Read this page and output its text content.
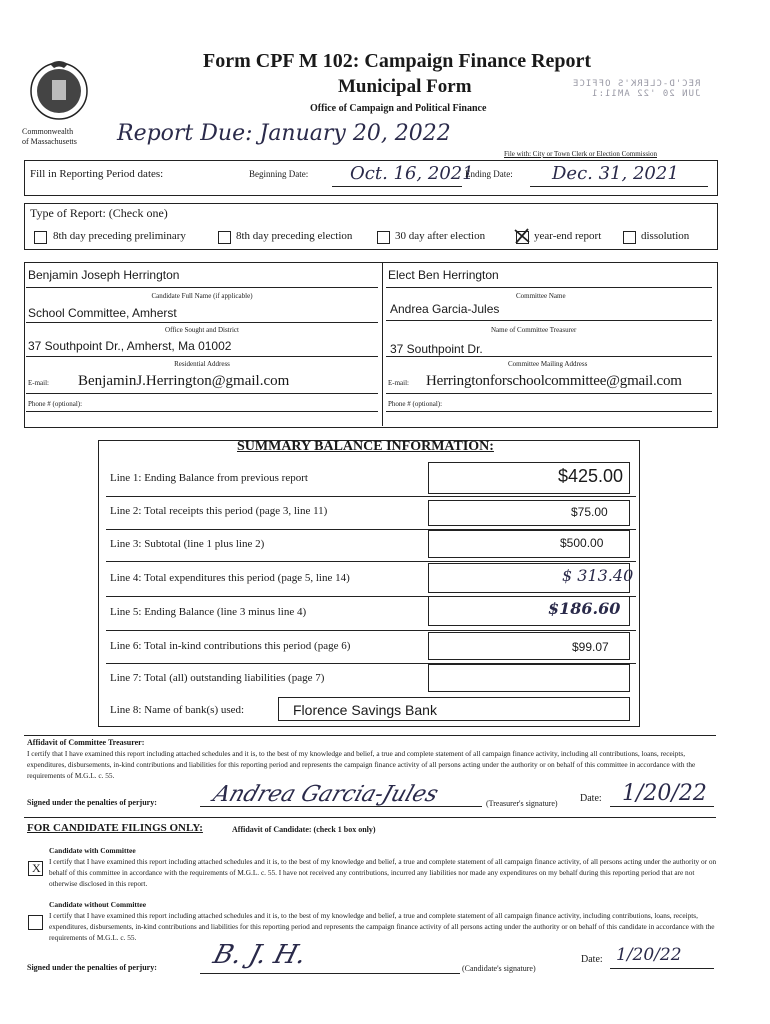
Commonwealth
of Massachusetts
Form CPF M 102: Campaign Finance Report
Municipal Form
Office of Campaign and Political Finance
REC'D-CLERK'S OFFICE
JUN 20 '22 AM11:1
Report Due: January 20, 2022
File with: City or Town Clerk or Election Commission
Fill in Reporting Period dates:	Beginning Date: Oct. 16, 2021
Ending Date: Dec. 31, 2021
Type of Report: (Check one)
8th day preceding preliminary	8th day preceding election	30 day after election	year-end report	dissolution
Benjamin Joseph Herrington
Candidate Full Name (if applicable)
School Committee, Amherst
Office Sought and District
37 Southpoint Dr., Amherst, Ma 01002
Residential Address
E-mail: BenjaminJ.Herrington@gmail.com
Phone # (optional):
Elect Ben Herrington
Committee Name
Andrea Garcia-Jules
Name of Committee Treasurer
37 Southpoint Dr.
Committee Mailing Address
E-mail: Herringtonforschoolcommittee@gmail.com
Phone # (optional):
SUMMARY BALANCE INFORMATION:
Line 1: Ending Balance from previous report	$425.00
Line 2: Total receipts this period (page 3, line 11)	$75.00
Line 3: Subtotal (line 1 plus line 2)	$500.00
Line 4: Total expenditures this period (page 5, line 14)	$ 313.40
Line 5: Ending Balance (line 3 minus line 4)	$186.60
Line 6: Total in-kind contributions this period (page 6)	$99.07
Line 7: Total (all) outstanding liabilities (page 7)
Line 8: Name of bank(s) used:	Florence Savings Bank
Affidavit of Committee Treasurer:
I certify that I have examined this report including attached schedules and it is, to the best of my knowledge and belief, a true and complete statement of all campaign finance activity, including all contributions, loans, receipts, expenditures, disbursements, in-kind contributions and liabilities for this reporting period and represents the campaign finance activity of all persons acting under the authority or on behalf of this committee in accordance with the requirements of M.G.L. c. 55.
Signed under the penalties of perjury: Andrea Garcia-Jules	(Treasurer's signature) Date: 1/20/22
FOR CANDIDATE FILINGS ONLY:	Affidavit of Candidate: (check 1 box only)
Candidate with Committee
X I certify that I have examined this report including attached schedules and it is, to the best of my knowledge and belief, a true and complete statement of all campaign finance activity, of all persons acting under the authority or on behalf of this committee in accordance with the requirements of M.G.L. c. 55. I have not received any contributions, incurred any liabilities nor made any expenditures on my behalf during this reporting period that are not otherwise disclosed in this report.
Candidate without Committee
I certify that I have examined this report including attached schedules and it is, to the best of my knowledge and belief, a true and complete statement of all campaign finance activity, including contributions, loans, receipts, expenditures, disbursements, in-kind contributions and liabilities for this reporting period and represents the campaign finance activity of all persons acting under the authority or on behalf of this candidate in accordance with the requirements of M.G.L. c. 55.
Signed under the penalties of perjury: B. J. H.	(Candidate's signature)
Date: 1/20/22
